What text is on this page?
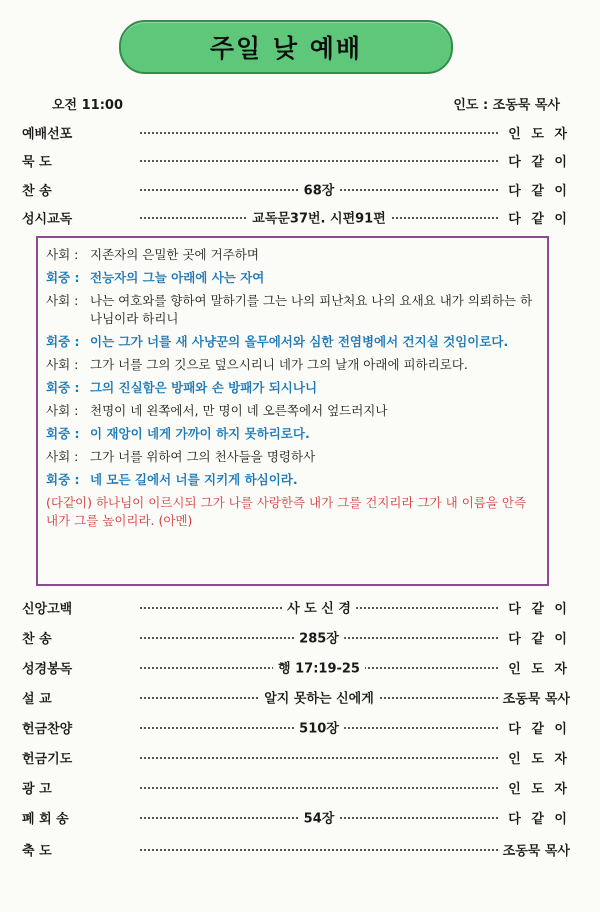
주일 낮 예배
오전 11:00	인도 : 조동묵 목사
예배선포	인 도 자
묵 도	다 같 이
찬 송	68장	다 같 이
성시교독	교독문37번. 시편91편	다 같 이
사회 : 지존자의 은밀한 곳에 거주하며
회중 : 전능자의 그늘 아래에 사는 자여
사회 : 나는 여호와를 향하여 말하기를 그는 나의 피난처요 나의 요새요 내가 의뢰하는 하나님이라 하리니
회중 : 이는 그가 너를 새 사냥꾼의 올무에서와 심한 전염병에서 건지실 것임이로다.
사회 : 그가 너를 그의 깃으로 덮으시리니 네가 그의 날개 아래에 피하리로다.
회중 : 그의 진실함은 방패와 손 방패가 되시나니
사회 : 천명이 네 왼쪽에서, 만 명이 네 오른쪽에서 엎드러지나
회중 : 이 재앙이 네게 가까이 하지 못하리로다.
사회 : 그가 너를 위하여 그의 천사들을 명령하사
회중 : 네 모든 길에서 너를 지키게 하심이라.
(다같이) 하나님이 이르시되 그가 나를 사랑한즉 내가 그를 건지리라 그가 내 이름을 안즉 내가 그를 높이리라. (아멘)
신앙고백	사 도 신 경	다 같 이
찬 송	285장	다 같 이
성경봉독	행 17:19-25	인 도 자
설 교	알지 못하는 신에게	조동묵 목사
헌금찬양	510장	다 같 이
헌금기도	인 도 자
광 고	인 도 자
폐 회 송	54장	다 같 이
축 도	조동묵 목사
